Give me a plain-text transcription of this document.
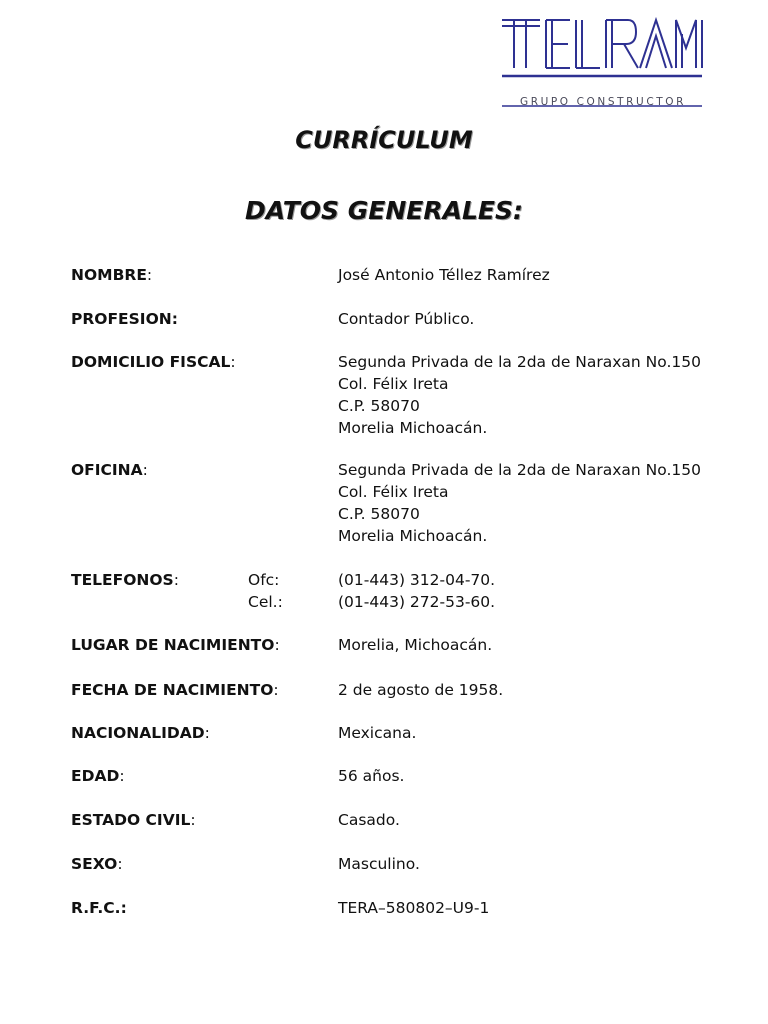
GRUPO CONSTRUCTOR
CURRÍCULUM
DATOS GENERALES:
NOMBRE:	José Antonio Téllez Ramírez
PROFESION:	Contador Público.
DOMICILIO FISCAL:	Segunda Privada de la 2da de Naraxan No.150
Col. Félix Ireta
C.P. 58070
Morelia Michoacán.
OFICINA:	Segunda Privada de la 2da de Naraxan No.150
Col. Félix Ireta
C.P. 58070
Morelia Michoacán.
TELEFONOS:	Ofc:	(01-443) 312-04-70.
Cel.:	(01-443) 272-53-60.
LUGAR DE NACIMIENTO:	Morelia, Michoacán.
FECHA DE NACIMIENTO:	2 de agosto de 1958.
NACIONALIDAD:	Mexicana.
EDAD:	56 años.
ESTADO CIVIL:	Casado.
SEXO:	Masculino.
R.F.C.:	TERA–580802–U9-1
